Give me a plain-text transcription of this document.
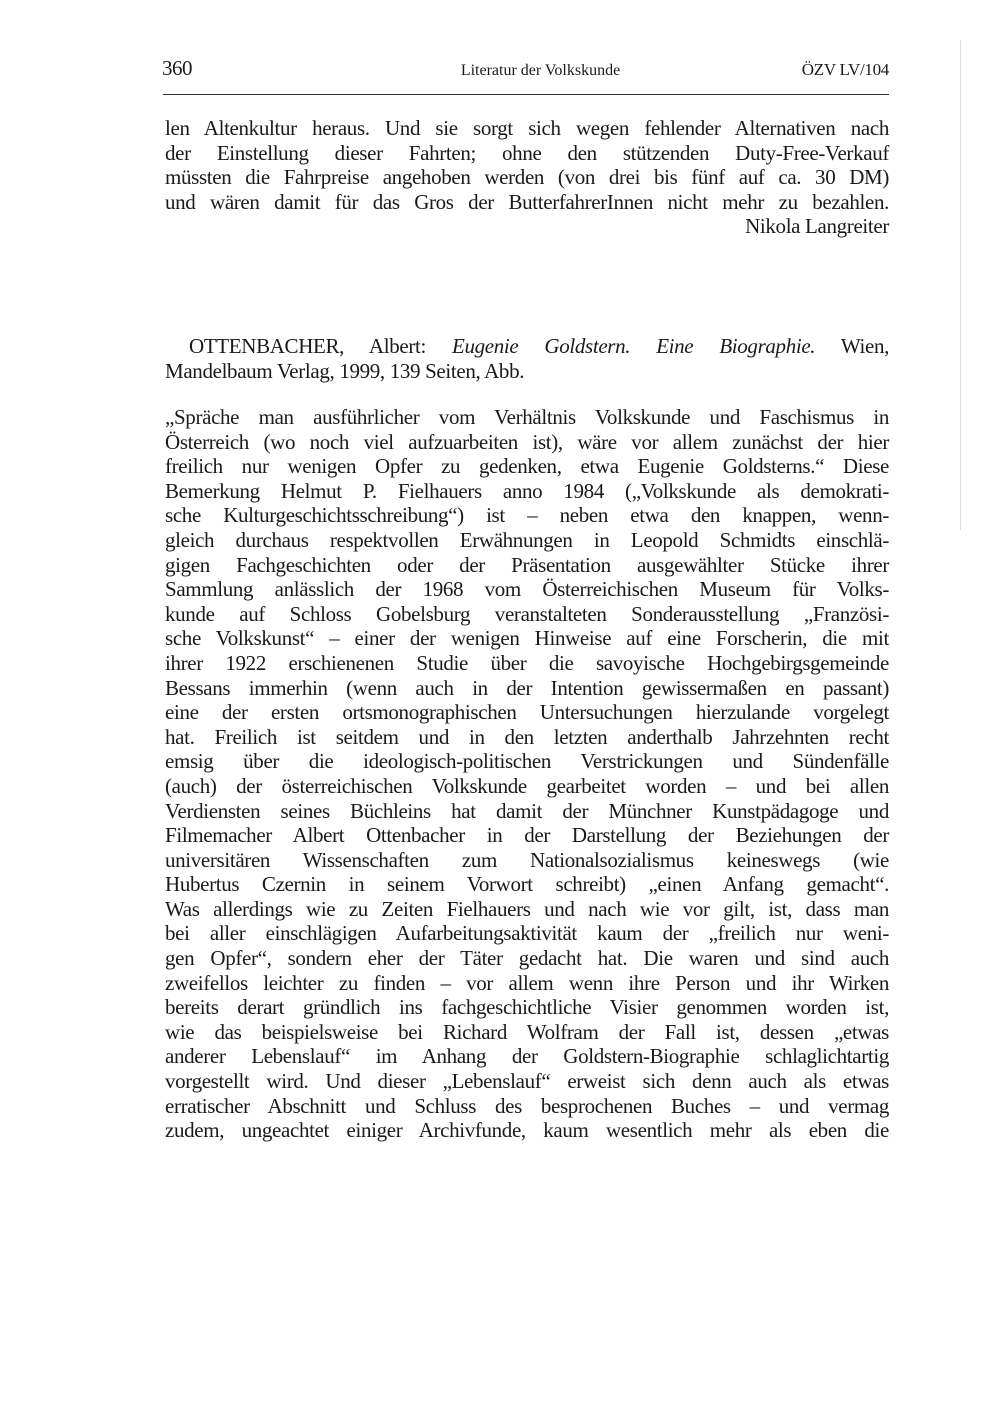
360	Literatur der Volkskunde	ÖZV LV/104
len Altenkultur heraus. Und sie sorgt sich wegen fehlender Alternativen nach
der Einstellung dieser Fahrten; ohne den stützenden Duty-Free-Verkauf
müssten die Fahrpreise angehoben werden (von drei bis fünf auf ca. 30 DM)
und wären damit für das Gros der ButterfahrerInnen nicht mehr zu bezahlen.
Nikola Langreiter
OTTENBACHER, Albert: Eugenie Goldstern. Eine Biographie. Wien,
Mandelbaum Verlag, 1999, 139 Seiten, Abb.
„Spräche man ausführlicher vom Verhältnis Volkskunde und Faschismus in
Österreich (wo noch viel aufzuarbeiten ist), wäre vor allem zunächst der hier
freilich nur wenigen Opfer zu gedenken, etwa Eugenie Goldsterns.“ Diese
Bemerkung Helmut P. Fielhauers anno 1984 („Volkskunde als demokrati-
sche Kulturgeschichtsschreibung“) ist – neben etwa den knappen, wenn-
gleich durchaus respektvollen Erwähnungen in Leopold Schmidts einschlä-
gigen Fachgeschichten oder der Präsentation ausgewählter Stücke ihrer
Sammlung anlässlich der 1968 vom Österreichischen Museum für Volks-
kunde auf Schloss Gobelsburg veranstalteten Sonderausstellung „Französi-
sche Volkskunst“ – einer der wenigen Hinweise auf eine Forscherin, die mit
ihrer 1922 erschienenen Studie über die savoyische Hochgebirgsgemeinde
Bessans immerhin (wenn auch in der Intention gewissermaßen en passant)
eine der ersten ortsmonographischen Untersuchungen hierzulande vorgelegt
hat. Freilich ist seitdem und in den letzten anderthalb Jahrzehnten recht
emsig über die ideologisch-politischen Verstrickungen und Sündenfälle
(auch) der österreichischen Volkskunde gearbeitet worden – und bei allen
Verdiensten seines Büchleins hat damit der Münchner Kunstpädagoge und
Filmemacher Albert Ottenbacher in der Darstellung der Beziehungen der
universitären Wissenschaften zum Nationalsozialismus keineswegs (wie
Hubertus Czernin in seinem Vorwort schreibt) „einen Anfang gemacht“.
Was allerdings wie zu Zeiten Fielhauers und nach wie vor gilt, ist, dass man
bei aller einschlägigen Aufarbeitungsaktivität kaum der „freilich nur weni-
gen Opfer“, sondern eher der Täter gedacht hat. Die waren und sind auch
zweifellos leichter zu finden – vor allem wenn ihre Person und ihr Wirken
bereits derart gründlich ins fachgeschichtliche Visier genommen worden ist,
wie das beispielsweise bei Richard Wolfram der Fall ist, dessen „etwas
anderer Lebenslauf“ im Anhang der Goldstern-Biographie schlaglichtartig
vorgestellt wird. Und dieser „Lebenslauf“ erweist sich denn auch als etwas
erratischer Abschnitt und Schluss des besprochenen Buches – und vermag
zudem, ungeachtet einiger Archivfunde, kaum wesentlich mehr als eben die
